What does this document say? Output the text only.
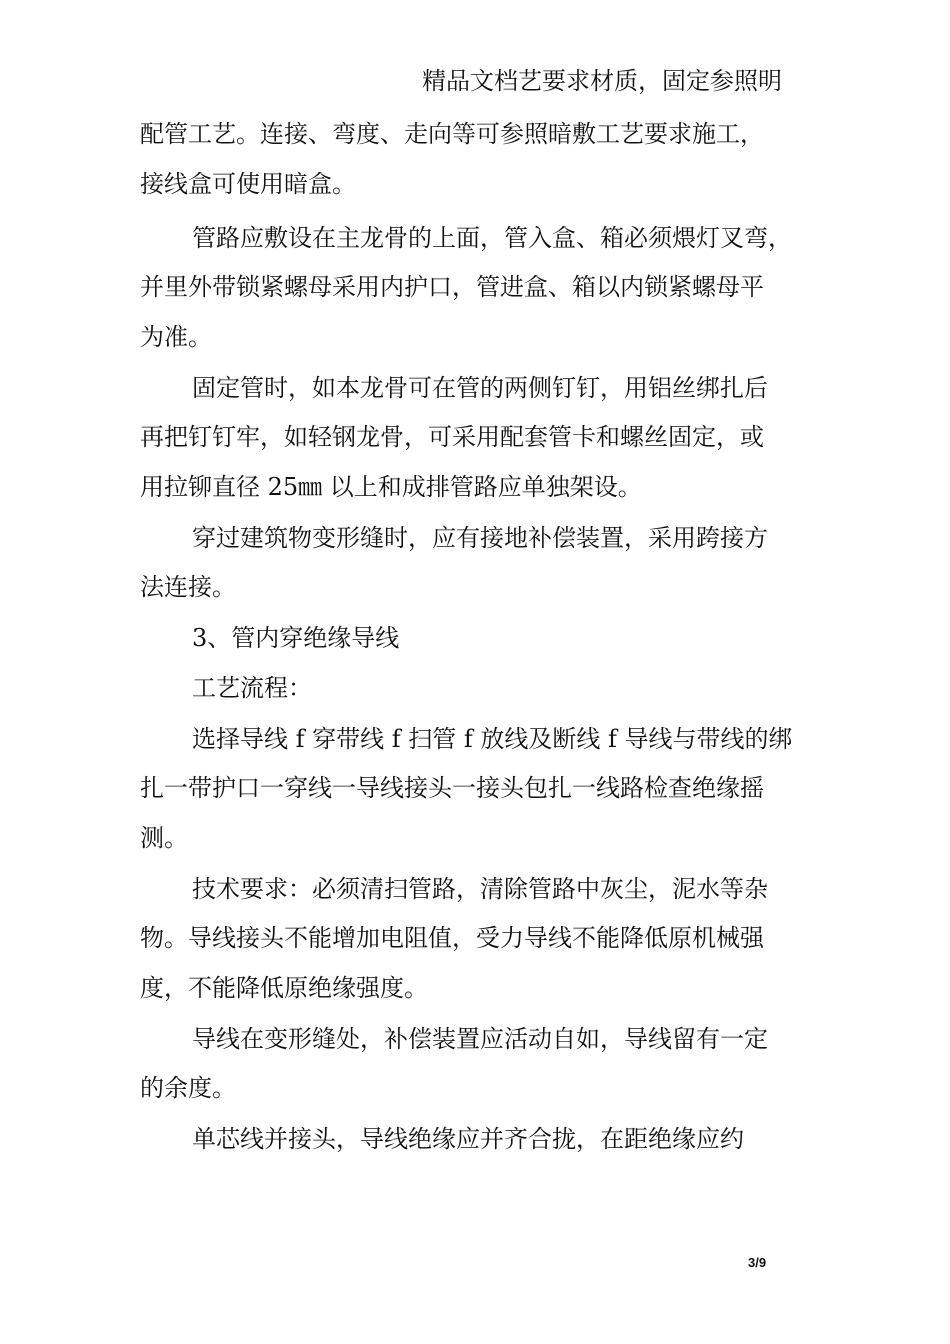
精品文档艺要求材质，固定参照明
配管工艺。连接、弯度、走向等可参照暗敷工艺要求施工，
接线盒可使用暗盒。
管路应敷设在主龙骨的上面，管入盒、箱必须煨灯叉弯，
并里外带锁紧螺母采用内护口，管进盒、箱以内锁紧螺母平
为准。
固定管时，如本龙骨可在管的两侧钉钉，用铝丝绑扎后
再把钉钉牢，如轻钢龙骨，可采用配套管卡和螺丝固定，或
用拉铆直径 25㎜ 以上和成排管路应单独架设。
穿过建筑物变形缝时，应有接地补偿装置，采用跨接方
法连接。
3、管内穿绝缘导线
工艺流程：
选择导线 f 穿带线 f 扫管 f 放线及断线 f 导线与带线的绑
扎一带护口一穿线一导线接头一接头包扎一线路检查绝缘摇
测。
技术要求：必须清扫管路，清除管路中灰尘，泥水等杂
物。导线接头不能增加电阻值，受力导线不能降低原机械强
度，不能降低原绝缘强度。
导线在变形缝处，补偿装置应活动自如，导线留有一定
的余度。
单芯线并接头，导线绝缘应并齐合拢，在距绝缘应约
3/9
